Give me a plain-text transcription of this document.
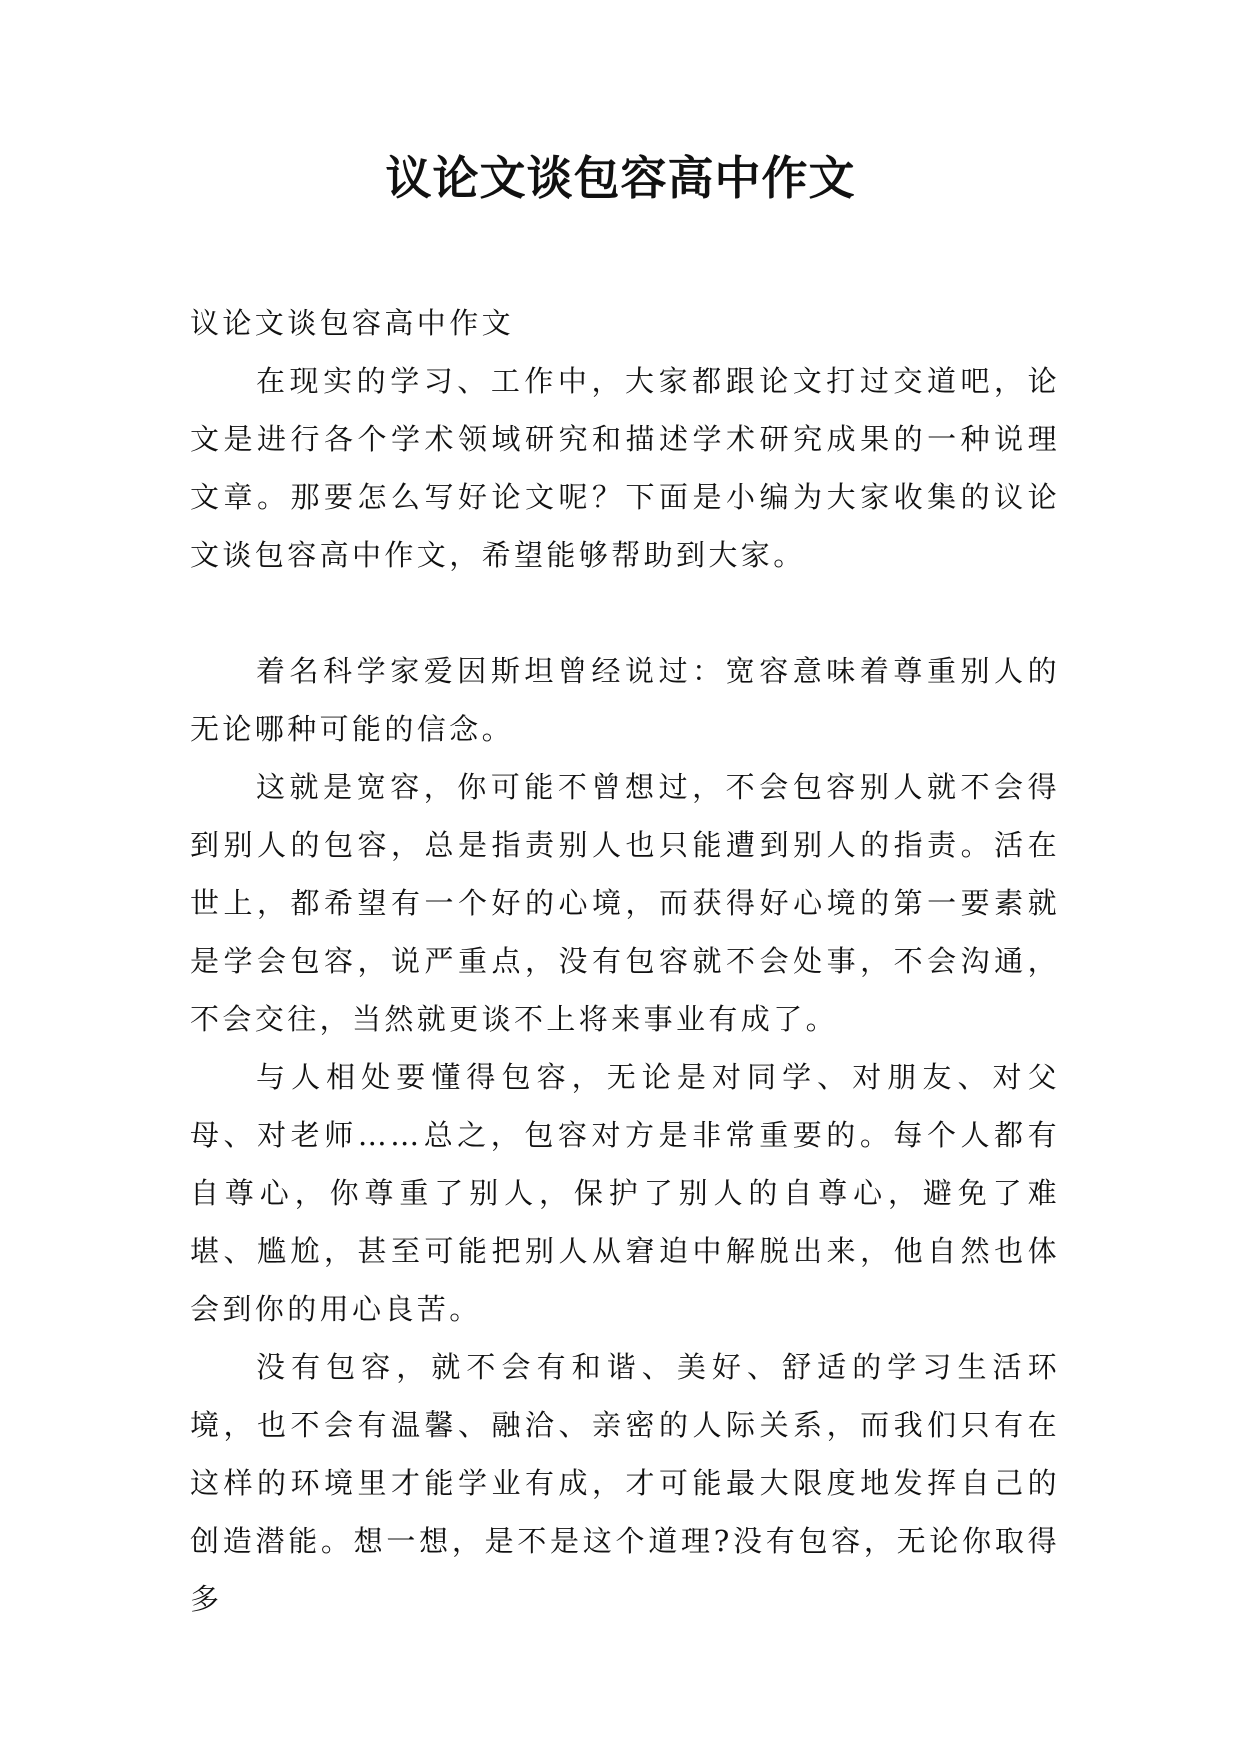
议论文谈包容高中作文

议论文谈包容高中作文

在现实的学习、工作中，大家都跟论文打过交道吧，论文是进行各个学术领域研究和描述学术研究成果的一种说理文章。那要怎么写好论文呢？下面是小编为大家收集的议论文谈包容高中作文，希望能够帮助到大家。

着名科学家爱因斯坦曾经说过：宽容意味着尊重别人的无论哪种可能的信念。

这就是宽容，你可能不曾想过，不会包容别人就不会得到别人的包容，总是指责别人也只能遭到别人的指责。活在世上，都希望有一个好的心境，而获得好心境的第一要素就是学会包容，说严重点，没有包容就不会处事，不会沟通，不会交往，当然就更谈不上将来事业有成了。

与人相处要懂得包容，无论是对同学、对朋友、对父母、对老师……总之，包容对方是非常重要的。每个人都有自尊心，你尊重了别人，保护了别人的自尊心，避免了难堪、尴尬，甚至可能把别人从窘迫中解脱出来，他自然也体会到你的用心良苦。

没有包容，就不会有和谐、美好、舒适的学习生活环境，也不会有温馨、融洽、亲密的人际关系，而我们只有在这样的环境里才能学业有成，才可能最大限度地发挥自己的创造潜能。想一想，是不是这个道理?没有包容，无论你取得多
